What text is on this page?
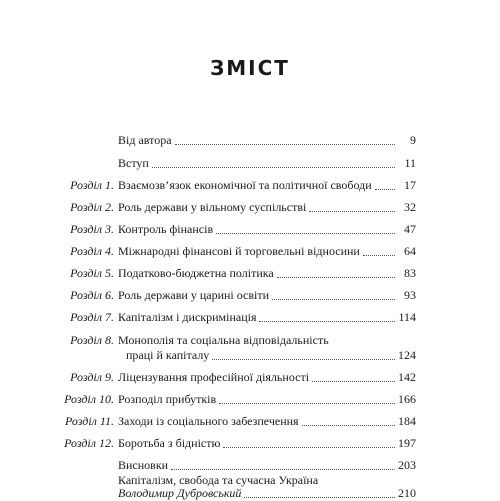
ЗМІСТ
Від автора	9
Вступ	11
Розділ 1. Взаємозв’язок економічної та політичної свободи	17
Розділ 2. Роль держави у вільному суспільстві	32
Розділ 3. Контроль фінансів	47
Розділ 4. Міжнародні фінансові й торговельні відносини	64
Розділ 5. Податково-бюджетна політика	83
Розділ 6. Роль держави у царині освіти	93
Розділ 7. Капіталізм і дискримінація	114
Розділ 8. Монополія та соціальна відповідальність
праці й капіталу	124
Розділ 9. Ліцензування професійної діяльності	142
Розділ 10. Розподіл прибутків	166
Розділ 11. Заходи із соціального забезпечення	184
Розділ 12. Боротьба з бідністю	197
Висновки	203
Капіталізм, свобода та сучасна Україна
Володимир Дубровський	210
